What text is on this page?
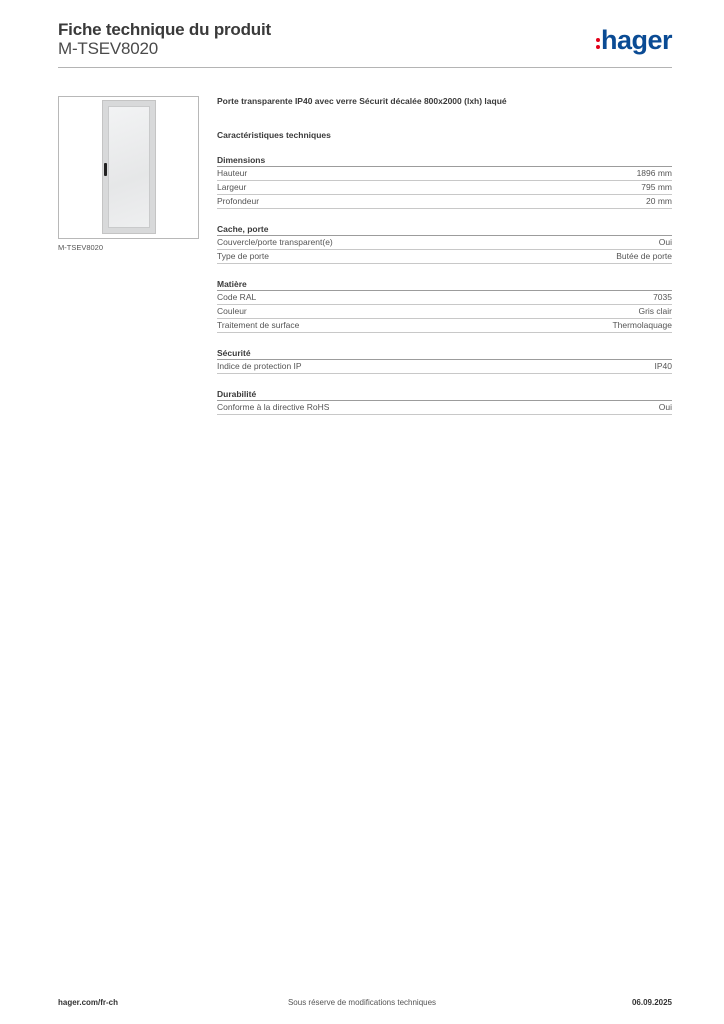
Fiche technique du produit
M-TSEV8020	hager
M-TSEV8020
Porte transparente IP40 avec verre Sécurit décalée 800x2000 (lxh) laqué
Caractéristiques techniques
Dimensions
Hauteur	1896 mm
Largeur	795 mm
Profondeur	20 mm
Cache, porte
Couvercle/porte transparent(e)	Oui
Type de porte	Butée de porte
Matière
Code RAL	7035
Couleur	Gris clair
Traitement de surface	Thermolaquage
Sécurité
Indice de protection IP	IP40
Durabilité
Conforme à la directive RoHS	Oui
hager.com/fr-ch	Sous réserve de modifications techniques	06.09.2025
